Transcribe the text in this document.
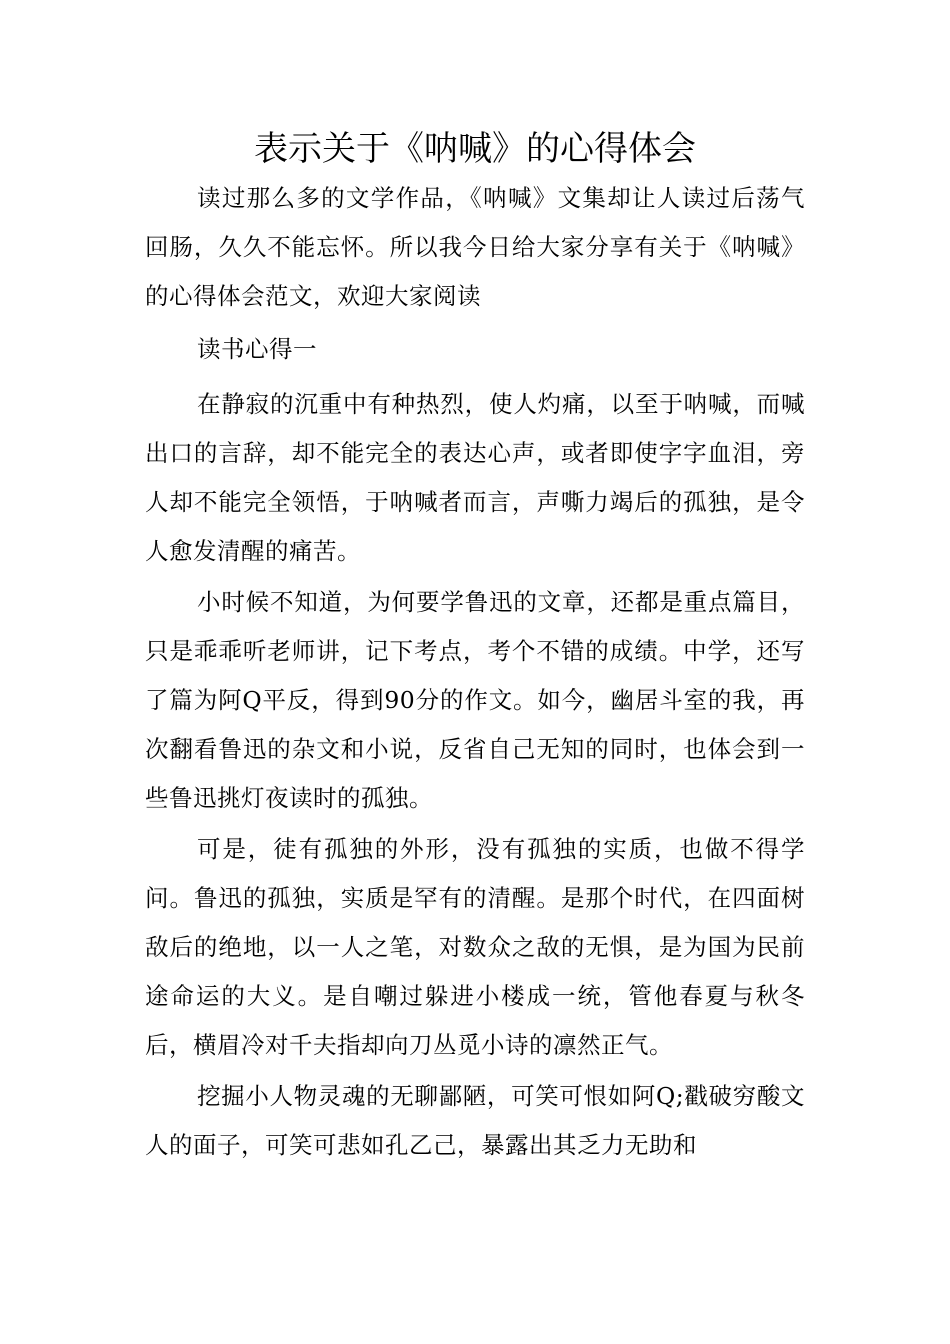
表示关于《呐喊》的心得体会

读过那么多的文学作品，《呐喊》文集却让人读过后荡气回肠，久久不能忘怀。所以我今日给大家分享有关于《呐喊》的心得体会范文，欢迎大家阅读

读书心得一

在静寂的沉重中有种热烈，使人灼痛，以至于呐喊，而喊出口的言辞，却不能完全的表达心声，或者即使字字血泪，旁人却不能完全领悟，于呐喊者而言，声嘶力竭后的孤独，是令人愈发清醒的痛苦。

小时候不知道，为何要学鲁迅的文章，还都是重点篇目，只是乖乖听老师讲，记下考点，考个不错的成绩。中学，还写了篇为阿Q平反，得到90分的作文。如今，幽居斗室的我，再次翻看鲁迅的杂文和小说，反省自己无知的同时，也体会到一些鲁迅挑灯夜读时的孤独。

可是，徒有孤独的外形，没有孤独的实质，也做不得学问。鲁迅的孤独，实质是罕有的清醒。是那个时代，在四面树敌后的绝地，以一人之笔，对数众之敌的无惧，是为国为民前途命运的大义。是自嘲过躲进小楼成一统，管他春夏与秋冬后，横眉冷对千夫指却向刀丛觅小诗的凛然正气。

挖掘小人物灵魂的无聊鄙陋，可笑可恨如阿Q;戳破穷酸文人的面子，可笑可悲如孔乙己，暴露出其乏力无助和
